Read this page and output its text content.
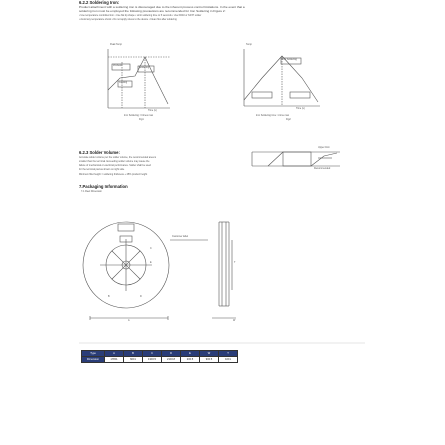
6.2.2 Soldering Iron:
Product attachment with a soldering iron is discouraged due to the inherent process control limitations. In the event that a
soldering iron must be employed the following precautions are recommended for Iron Soldering in Figure 2:
• Use temperature controlled iron • Use flat tip shape • Limit soldering time to 5 seconds • Use 60/40 or 63/37 solder
• Avoid any temperature shock • Do not apply stress to the device • Clean flux after soldering
Peak Temp
Preheat
Soldering
Cooling
Time (s)
Iron Soldering: 3 times max
Fig1
Temp
Iron Soldering
Time (s)
Iron Soldering time: 1 time max
Fig2
6.2.3 Solder Volume:
Accurate solder volume per the solder volume, the recommended area is
smaller than the terminal. Exceeding solder volume may cause the
failure of mechanical or electrical performance. Solder shall be used
for the terminal pad as shown on right side.
Minimum fillet height = soldering thickness + 25% product height
Upper limit
Recommended
7.Packaging Information
7-1 Reel Dimension
Customer label
C
E
B	D
A	W
T
Type	A	B	C	D	E	W	T
Dimension	178±1	60±1	13±0.5	21±0.8	2±0.5	9±0.5	10±1
